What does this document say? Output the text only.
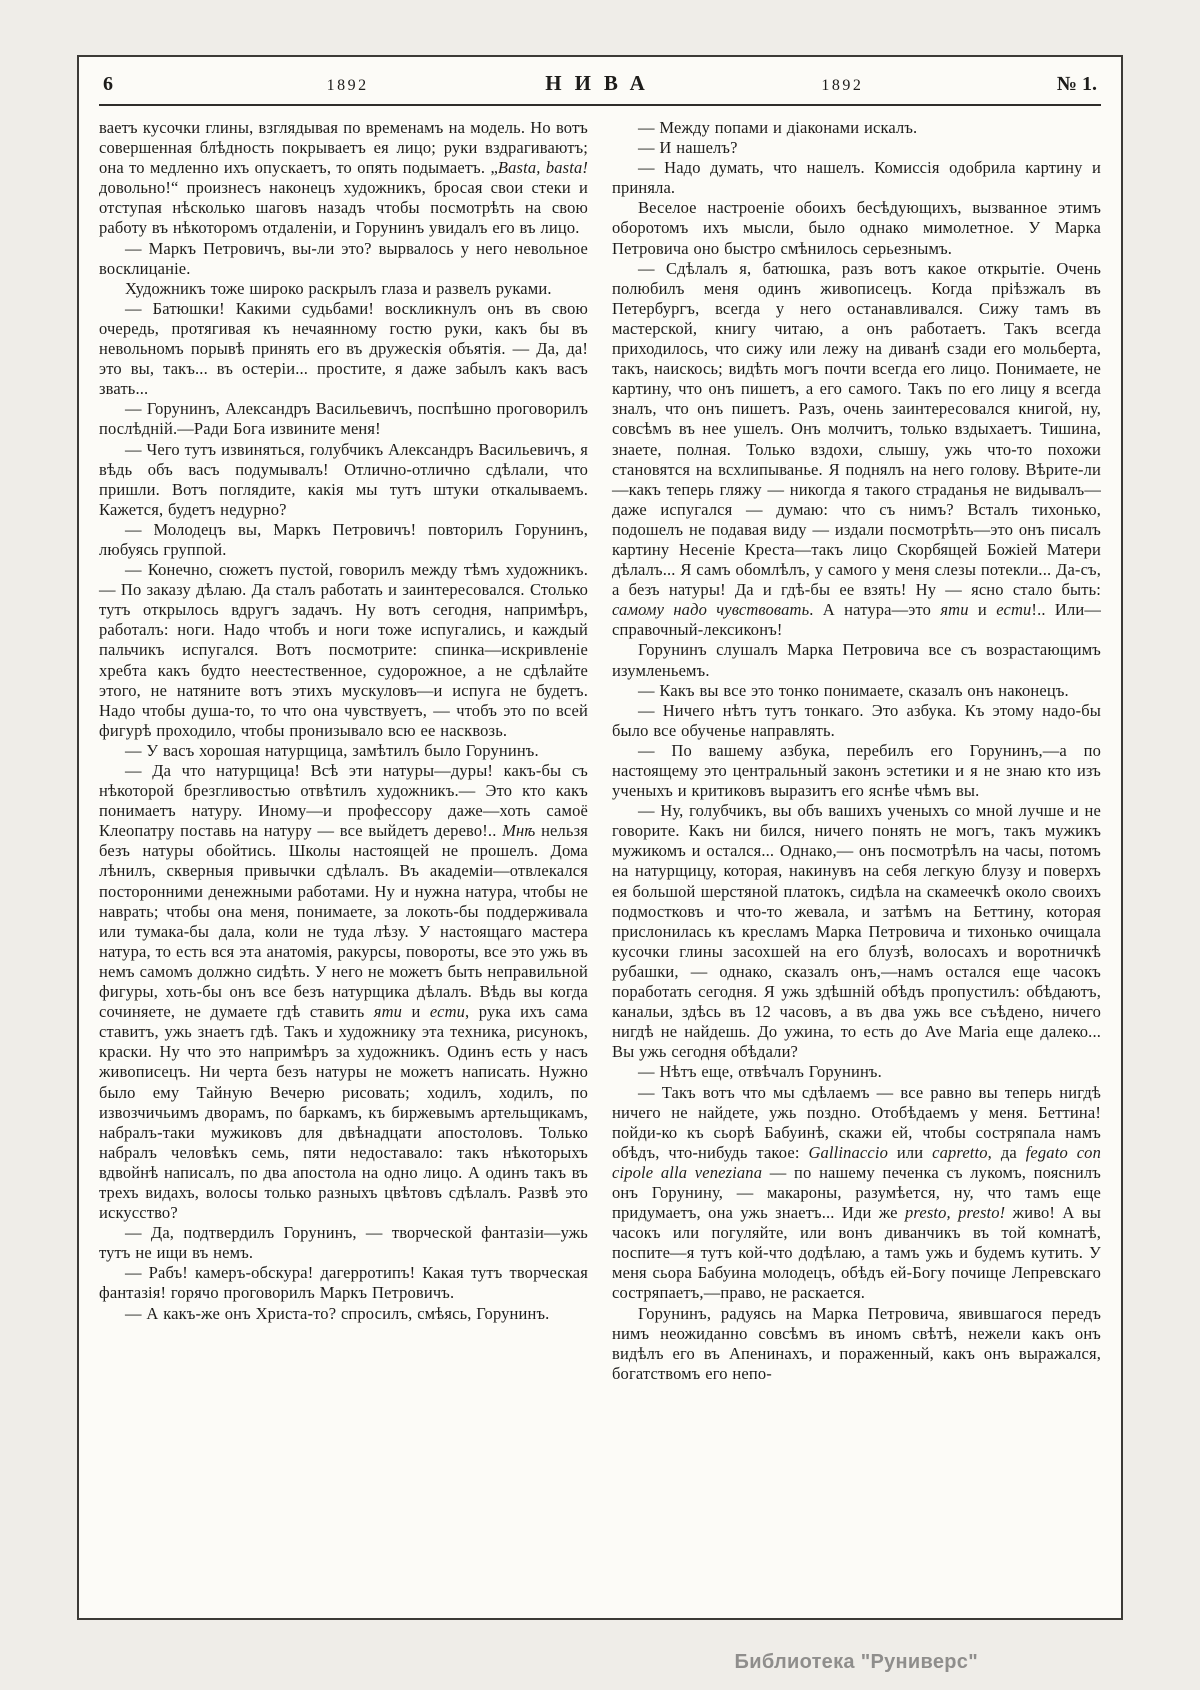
6	1892	НИВА	1892	№ 1.

ваетъ кусочки глины, взглядывая по временамъ на модель. Но вотъ совершенная блѣдность покрываетъ ея лицо; руки вздрагиваютъ; она то медленно ихъ опускаетъ, то опять подымаетъ. „Basta, basta! довольно!“ произнесъ наконецъ художникъ, бросая свои стеки и отступая нѣсколько шаговъ назадъ чтобы посмотрѣть на свою работу въ нѣкоторомъ отдаленіи, и Горунинъ увидалъ его въ лицо.

— Маркъ Петровичъ, вы-ли это? вырвалось у него невольное восклицаніе.

Художникъ тоже широко раскрылъ глаза и развелъ руками.

— Батюшки! Какими судьбами! воскликнулъ онъ въ свою очередь, протягивая къ нечаянному гостю руки, какъ бы въ невольномъ порывѣ принять его въ дружескія объятія. — Да, да! это вы, такъ... въ остеріи... простите, я даже забылъ какъ васъ звать...

— Горунинъ, Александръ Васильевичъ, поспѣшно проговорилъ послѣдній.—Ради Бога извините меня!

— Чего тутъ извиняться, голубчикъ Александръ Васильевичъ, я вѣдь объ васъ подумывалъ! Отлично-отлично сдѣлали, что пришли. Вотъ поглядите, какія мы тутъ штуки откалываемъ. Кажется, будетъ недурно?

— Молодецъ вы, Маркъ Петровичъ! повторилъ Горунинъ, любуясь группой.

— Конечно, сюжетъ пустой, говорилъ между тѣмъ художникъ. — По заказу дѣлаю. Да сталъ работать и заинтересовался. Столько тутъ открылось вдругъ задачъ. Ну вотъ сегодня, напримѣръ, работалъ: ноги. Надо чтобъ и ноги тоже испугались, и каждый пальчикъ испугался. Вотъ посмотрите: спинка—искривленіе хребта какъ будто неестественное, судорожное, а не сдѣлайте этого, не натяните вотъ этихъ мускуловъ—и испуга не будетъ. Надо чтобы душа-то, то что она чувствуетъ, — чтобъ это по всей фигурѣ проходило, чтобы пронизывало всю ее насквозь.

— У васъ хорошая натурщица, замѣтилъ было Горунинъ.

— Да что натурщица! Всѣ эти натуры—дуры! какъ-бы съ нѣкоторой брезгливостью отвѣтилъ художникъ.— Это кто какъ понимаетъ натуру. Иному—и профессору даже—хоть самоё Клеопатру поставь на натуру — все выйдетъ дерево!.. Мнѣ нельзя безъ натуры обойтись. Школы настоящей не прошелъ. Дома лѣнилъ, скверныя привычки сдѣлалъ. Въ академіи—отвлекался посторонними денежными работами. Ну и нужна натура, чтобы не наврать; чтобы она меня, понимаете, за локоть-бы поддерживала или тумака-бы дала, коли не туда лѣзу. У настоящаго мастера натура, то есть вся эта анатомія, ракурсы, повороты, все это ужь въ немъ самомъ должно сидѣть. У него не можетъ быть неправильной фигуры, хоть-бы онъ все безъ натурщика дѣлалъ. Вѣдь вы когда сочиняете, не думаете гдѣ ставить яти и ести, рука ихъ сама ставитъ, ужь знаетъ гдѣ. Такъ и художнику эта техника, рисунокъ, краски. Ну что это напримѣръ за художникъ. Одинъ есть у насъ живописецъ. Ни черта безъ натуры не можетъ написать. Нужно было ему Тайную Вечерю рисовать; ходилъ, ходилъ, по извозчичьимъ дворамъ, по баркамъ, къ биржевымъ артельщикамъ, набралъ-таки мужиковъ для двѣнадцати апостоловъ. Только набралъ человѣкъ семь, пяти недоставало: такъ нѣкоторыхъ вдвойнѣ написалъ, по два апостола на одно лицо. А одинъ такъ въ трехъ видахъ, волосы только разныхъ цвѣтовъ сдѣлалъ. Развѣ это искусство?

— Да, подтвердилъ Горунинъ, — творческой фантазіи—ужь тутъ не ищи въ немъ.

— Рабъ! камеръ-обскура! дагерротипъ! Какая тутъ творческая фантазія! горячо проговорилъ Маркъ Петровичъ.

— А какъ-же онъ Христа-то? спросилъ, смѣясь, Горунинъ.

— Между попами и діаконами искалъ.

— И нашелъ?

— Надо думать, что нашелъ. Комиссія одобрила картину и приняла.

Веселое настроеніе обоихъ бесѣдующихъ, вызванное этимъ оборотомъ ихъ мысли, было однако мимолетное. У Марка Петровича оно быстро смѣнилось серьезнымъ.

— Сдѣлалъ я, батюшка, разъ вотъ какое открытіе. Очень полюбилъ меня одинъ живописецъ. Когда пріѣзжалъ въ Петербургъ, всегда у него останавливался. Сижу тамъ въ мастерской, книгу читаю, а онъ работаетъ. Такъ всегда приходилось, что сижу или лежу на диванѣ сзади его мольберта, такъ, наискось; видѣть могъ почти всегда его лицо. Понимаете, не картину, что онъ пишетъ, а его самого. Такъ по его лицу я всегда зналъ, что онъ пишетъ. Разъ, очень заинтересовался книгой, ну, совсѣмъ въ нее ушелъ. Онъ молчитъ, только вздыхаетъ. Тишина, знаете, полная. Только вздохи, слышу, ужь что-то похожи становятся на всхлипыванье. Я поднялъ на него голову. Вѣрите-ли—какъ теперь гляжу — никогда я такого страданья не видывалъ—даже испугался — думаю: что съ нимъ? Всталъ тихонько, подошелъ не подавая виду — издали посмотрѣть—это онъ писалъ картину Несеніе Креста—такъ лицо Скорбящей Божіей Матери дѣлалъ... Я самъ обомлѣлъ, у самого у меня слезы потекли... Да-съ, а безъ натуры! Да и гдѣ-бы ее взять! Ну — ясно стало быть: самому надо чувствовать. А натура—это яти и ести!.. Или—справочный-лексиконъ!

Горунинъ слушалъ Марка Петровича все съ возрастающимъ изумленьемъ.

— Какъ вы все это тонко понимаете, сказалъ онъ наконецъ.

— Ничего нѣтъ тутъ тонкаго. Это азбука. Къ этому надо-бы было все обученье направлять.

— По вашему азбука, перебилъ его Горунинъ,—а по настоящему это центральный законъ эстетики и я не знаю кто изъ ученыхъ и критиковъ выразитъ его яснѣе чѣмъ вы.

— Ну, голубчикъ, вы объ вашихъ ученыхъ со мной лучше и не говорите. Какъ ни бился, ничего понять не могъ, такъ мужикъ мужикомъ и остался... Однако,— онъ посмотрѣлъ на часы, потомъ на натурщицу, которая, накинувъ на себя легкую блузу и поверхъ ея большой шерстяной платокъ, сидѣла на скамеечкѣ около своихъ подмостковъ и что-то жевала, и затѣмъ на Беттину, которая прислонилась къ кресламъ Марка Петровича и тихонько очищала кусочки глины засохшей на его блузѣ, волосахъ и воротничкѣ рубашки, — однако, сказалъ онъ,—намъ остался еще часокъ поработать сегодня. Я ужь здѣшній обѣдъ пропустилъ: обѣдаютъ, канальи, здѣсь въ 12 часовъ, а въ два ужь все съѣдено, ничего нигдѣ не найдешь. До ужина, то есть до Ave Maria еще далеко... Вы ужь сегодня обѣдали?

— Нѣтъ еще, отвѣчалъ Горунинъ.

— Такъ вотъ что мы сдѣлаемъ — все равно вы теперь нигдѣ ничего не найдете, ужь поздно. Отобѣдаемъ у меня. Беттина! пойди-ко къ сьорѣ Бабуинѣ, скажи ей, чтобы состряпала намъ обѣдъ, что-нибудь такое: Gallinaccio или capretto, да fegato con cipole alla veneziana — по нашему печенка съ лукомъ, пояснилъ онъ Горунину, — макароны, разумѣется, ну, что тамъ еще придумаетъ, она ужь знаетъ... Иди же presto, presto! живо! А вы часокъ или погуляйте, или вонъ диванчикъ въ той комнатѣ, поспите—я тутъ кой-что додѣлаю, а тамъ ужь и будемъ кутить. У меня сьора Бабуина молодецъ, обѣдъ ей-Богу почище Лепревскаго состряпаетъ,—право, не раскается.

Горунинъ, радуясь на Марка Петровича, явившагося передъ нимъ неожиданно совсѣмъ въ иномъ свѣтѣ, нежели какъ онъ видѣлъ его въ Апенинахъ, и пораженный, какъ онъ выражался, богатствомъ его непо-

Библиотека "Руниверс"
